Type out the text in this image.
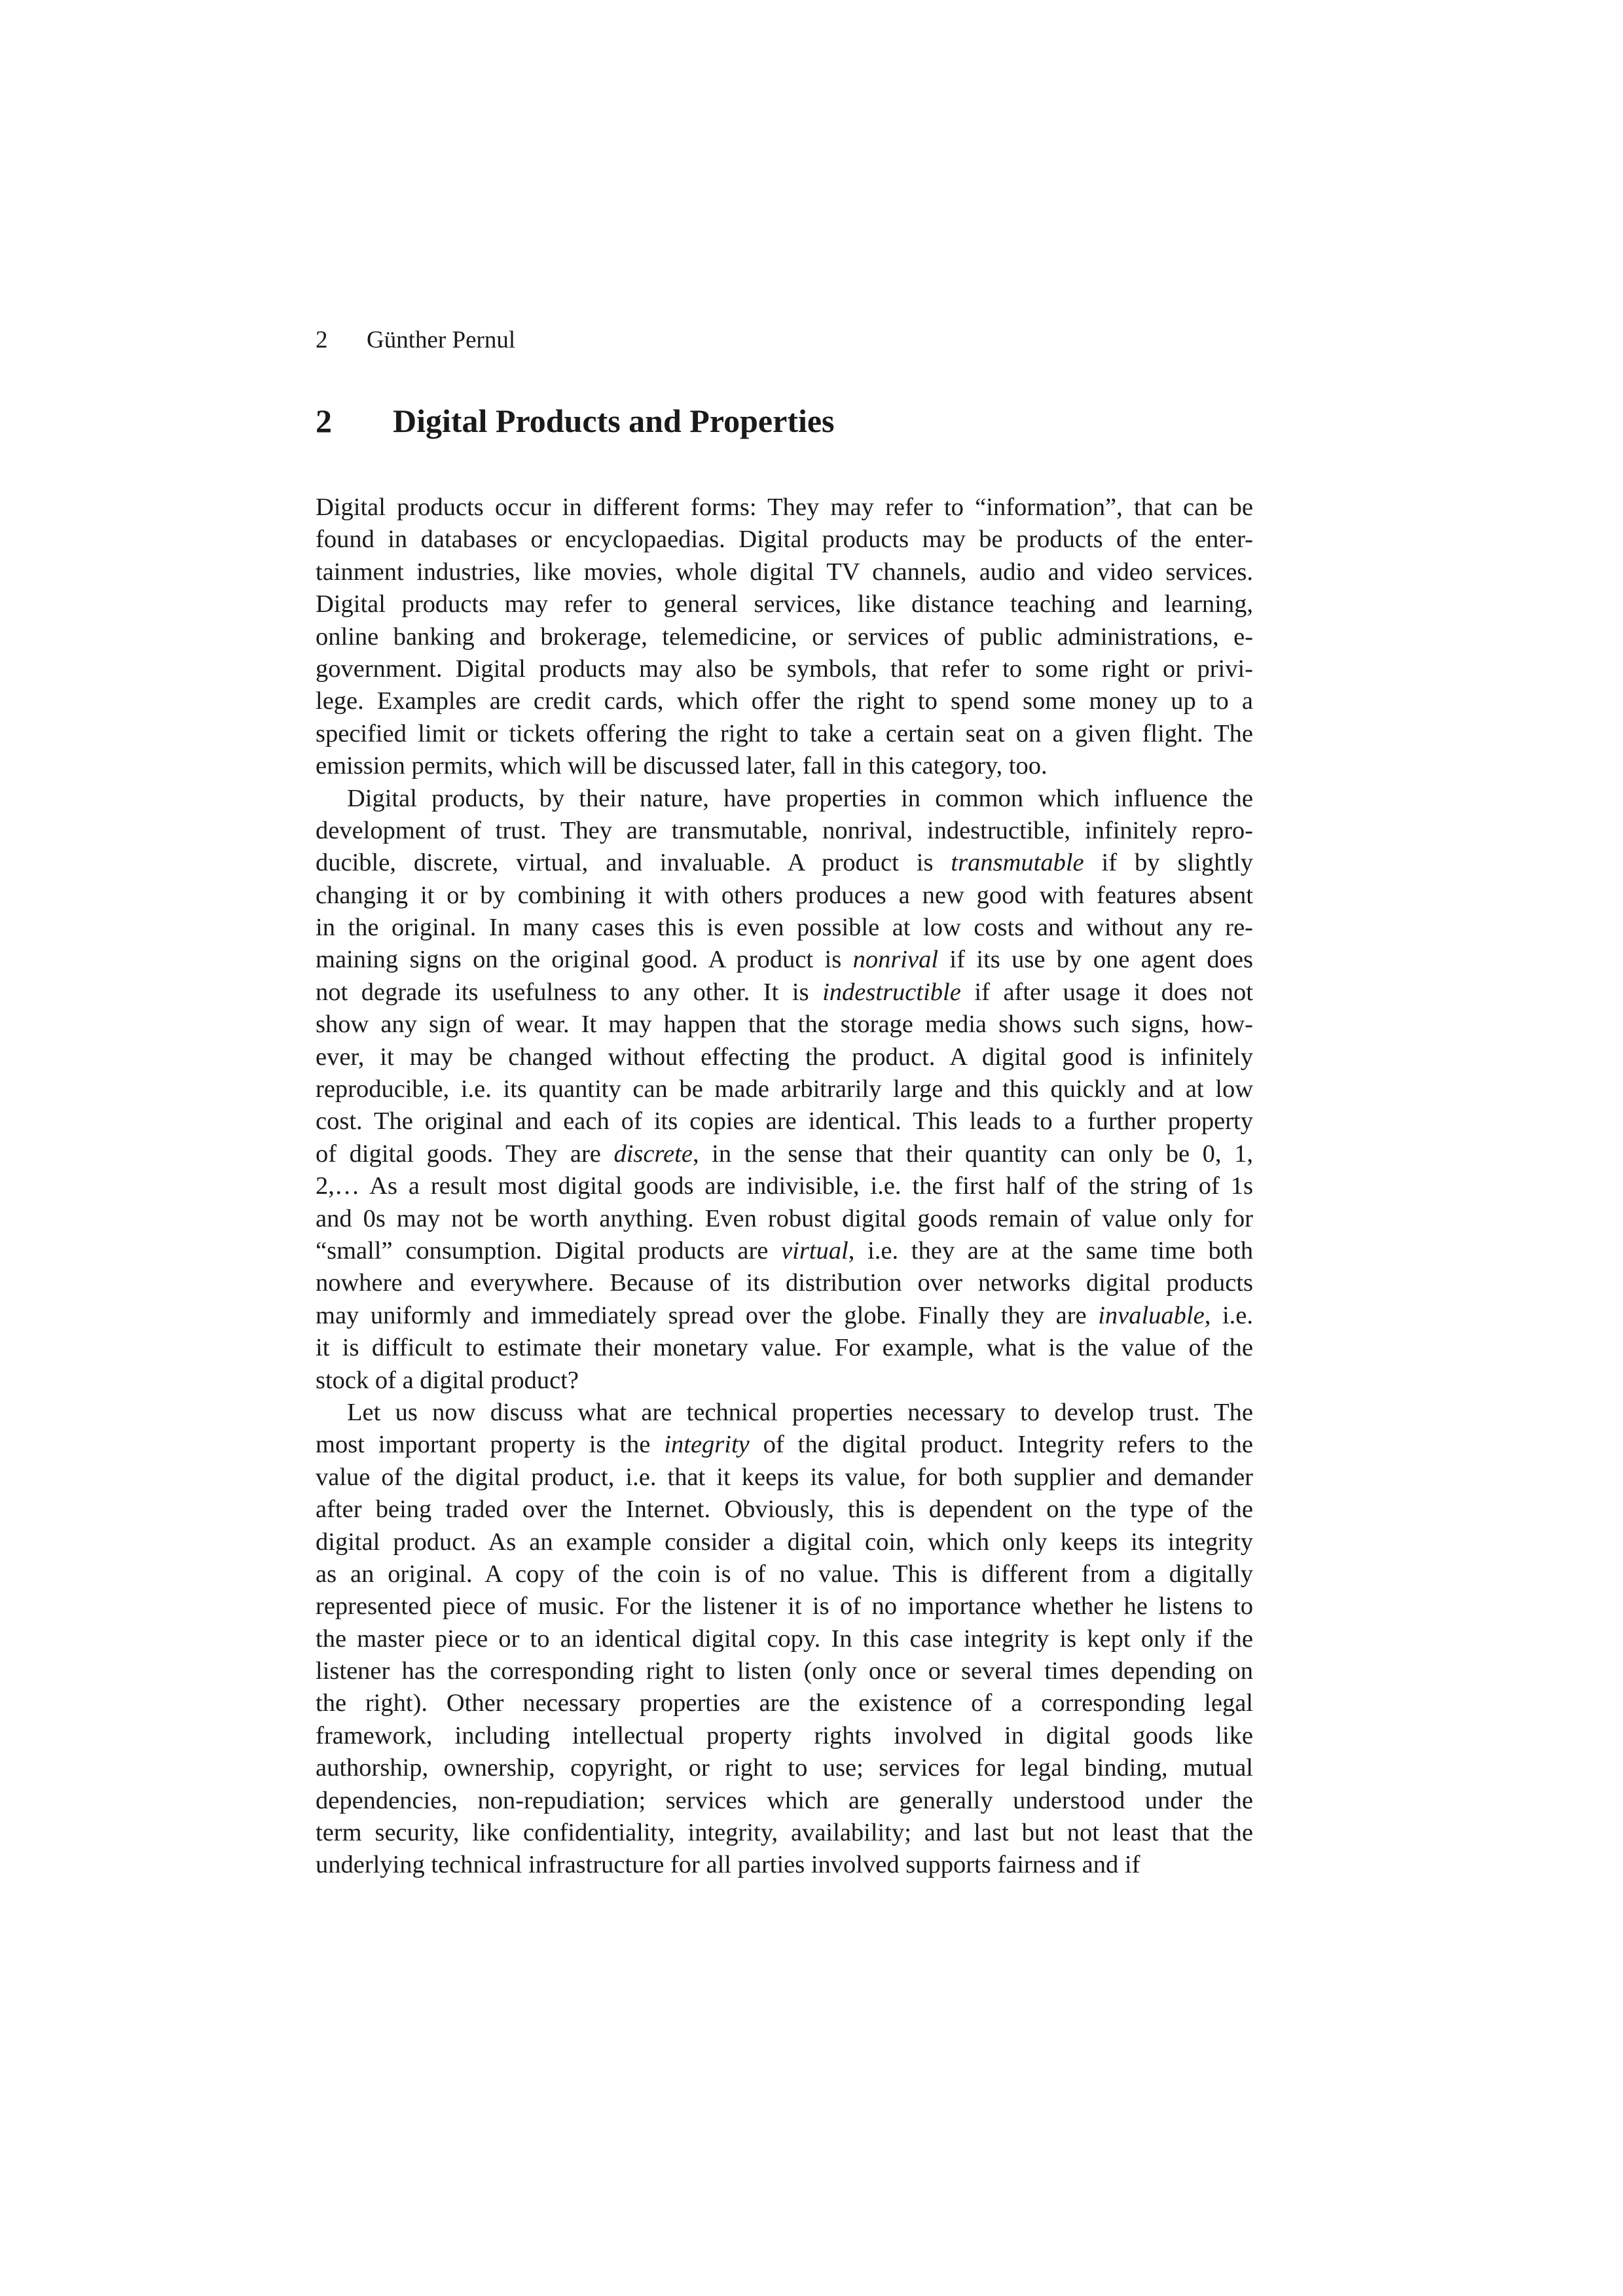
2 Günther Pernul
2 Digital Products and Properties
Digital products occur in different forms: They may refer to “information”, that can be
found in databases or encyclopaedias. Digital products may be products of the enter-
tainment industries, like movies, whole digital TV channels, audio and video services.
Digital products may refer to general services, like distance teaching and learning,
online banking and brokerage, telemedicine, or services of public administrations, e-
government. Digital products may also be symbols, that refer to some right or privi-
lege. Examples are credit cards, which offer the right to spend some money up to a
specified limit or tickets offering the right to take a certain seat on a given flight. The
emission permits, which will be discussed later, fall in this category, too.
Digital products, by their nature, have properties in common which influence the
development of trust. They are transmutable, nonrival, indestructible, infinitely repro-
ducible, discrete, virtual, and invaluable. A product is transmutable if by slightly
changing it or by combining it with others produces a new good with features absent
in the original. In many cases this is even possible at low costs and without any re-
maining signs on the original good. A product is nonrival if its use by one agent does
not degrade its usefulness to any other. It is indestructible if after usage it does not
show any sign of wear. It may happen that the storage media shows such signs, how-
ever, it may be changed without effecting the product. A digital good is infinitely
reproducible, i.e. its quantity can be made arbitrarily large and this quickly and at low
cost. The original and each of its copies are identical. This leads to a further property
of digital goods. They are discrete, in the sense that their quantity can only be 0, 1,
2,… As a result most digital goods are indivisible, i.e. the first half of the string of 1s
and 0s may not be worth anything. Even robust digital goods remain of value only for
“small” consumption. Digital products are virtual, i.e. they are at the same time both
nowhere and everywhere. Because of its distribution over networks digital products
may uniformly and immediately spread over the globe. Finally they are invaluable, i.e.
it is difficult to estimate their monetary value. For example, what is the value of the
stock of a digital product?
Let us now discuss what are technical properties necessary to develop trust. The
most important property is the integrity of the digital product. Integrity refers to the
value of the digital product, i.e. that it keeps its value, for both supplier and demander
after being traded over the Internet. Obviously, this is dependent on the type of the
digital product. As an example consider a digital coin, which only keeps its integrity
as an original. A copy of the coin is of no value. This is different from a digitally
represented piece of music. For the listener it is of no importance whether he listens to
the master piece or to an identical digital copy. In this case integrity is kept only if the
listener has the corresponding right to listen (only once or several times depending on
the right). Other necessary properties are the existence of a corresponding legal
framework, including intellectual property rights involved in digital goods like
authorship, ownership, copyright, or right to use; services for legal binding, mutual
dependencies, non-repudiation; services which are generally understood under the
term security, like confidentiality, integrity, availability; and last but not least that the
underlying technical infrastructure for all parties involved supports fairness and if
